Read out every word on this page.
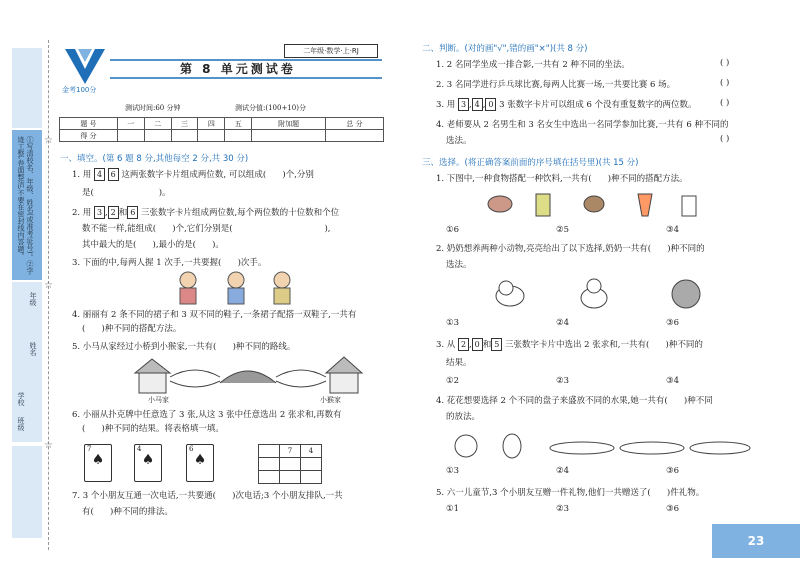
①写清校名、年级、姓名(或准考证号)。②字迹工整,卷面整洁,不要在密封线内答题。
年级
姓名
学校
班级
☆
☆
☆
金考100分
第 8 单元测试卷
二年级·数学·上·RJ
测试时间:60 分钟	测试分值:(100+10)分
题 号	一	二	三	四	五	附加题	总 分
得 分							
一、填空。(第 6 题 8 分,其他每空 2 分,共 30 分)
1. 用 4 6 这两张数字卡片组成两位数, 可以组成( )个,分别
是(	)。
2. 用 3 , 2 和 6 三张数字卡片组成两位数,每个两位数的十位数和个位
数不能一样,能组成( )个,它们分别是(	),
其中最大的是( ),最小的是( )。
3. 下面的中,每两人握 1 次手,一共要握( )次手。
4. 丽丽有 2 条不同的裙子和 3 双不同的鞋子,一条裙子配搭一双鞋子,一共有
( )种不同的搭配方法。
5. 小马从家经过小桥到小猴家,一共有( )种不同的路线。
小马家	小猴家
6. 小丽从扑克牌中任意选了 3 张,从这 3 张中任意选出 2 张求和,再数有
( )种不同的结果。将表格填一填。
7
♠
4
♠
6
♠
	7	4

7. 3 个小朋友互通一次电话,一共要通( )次电话;3 个小朋友排队,一共
有( )种不同的排法。
二、判断。(对的画"√",错的画"×")(共 8 分)
1. 2 名同学坐成一排合影,一共有 2 种不同的坐法。	( )
2. 3 名同学进行乒乓球比赛,每两人比赛一场,一共要比赛 6 场。	( )
3. 用 3 , 4 , 0 3 张数字卡片可以组成 6 个没有重复数字的两位数。	( )
4. 老师要从 2 名男生和 3 名女生中选出一名同学参加比赛,一共有 6 种不同的
选法。	( )
三、选择。(将正确答案前面的序号填在括号里)(共 15 分)
1. 下图中,一种食物搭配一种饮料,一共有( )种不同的搭配方法。
①6	②5	③4
2. 奶奶想养两种小动物,亮亮给出了以下选择,奶奶一共有( )种不同的
选法。
①3	②4	③6
3. 从 2 , 0 和 5 三张数字卡片中选出 2 张求和,一共有( )种不同的
结果。
①2	②3	③4
4. 花花想要选择 2 个不同的盘子来盛放不同的水果,她一共有( )种不同
的放法。
①3	②4	③6
5. 六一儿童节,3 个小朋友互赠一件礼物,他们一共赠送了( )件礼物。
①1	②3	③6
23
